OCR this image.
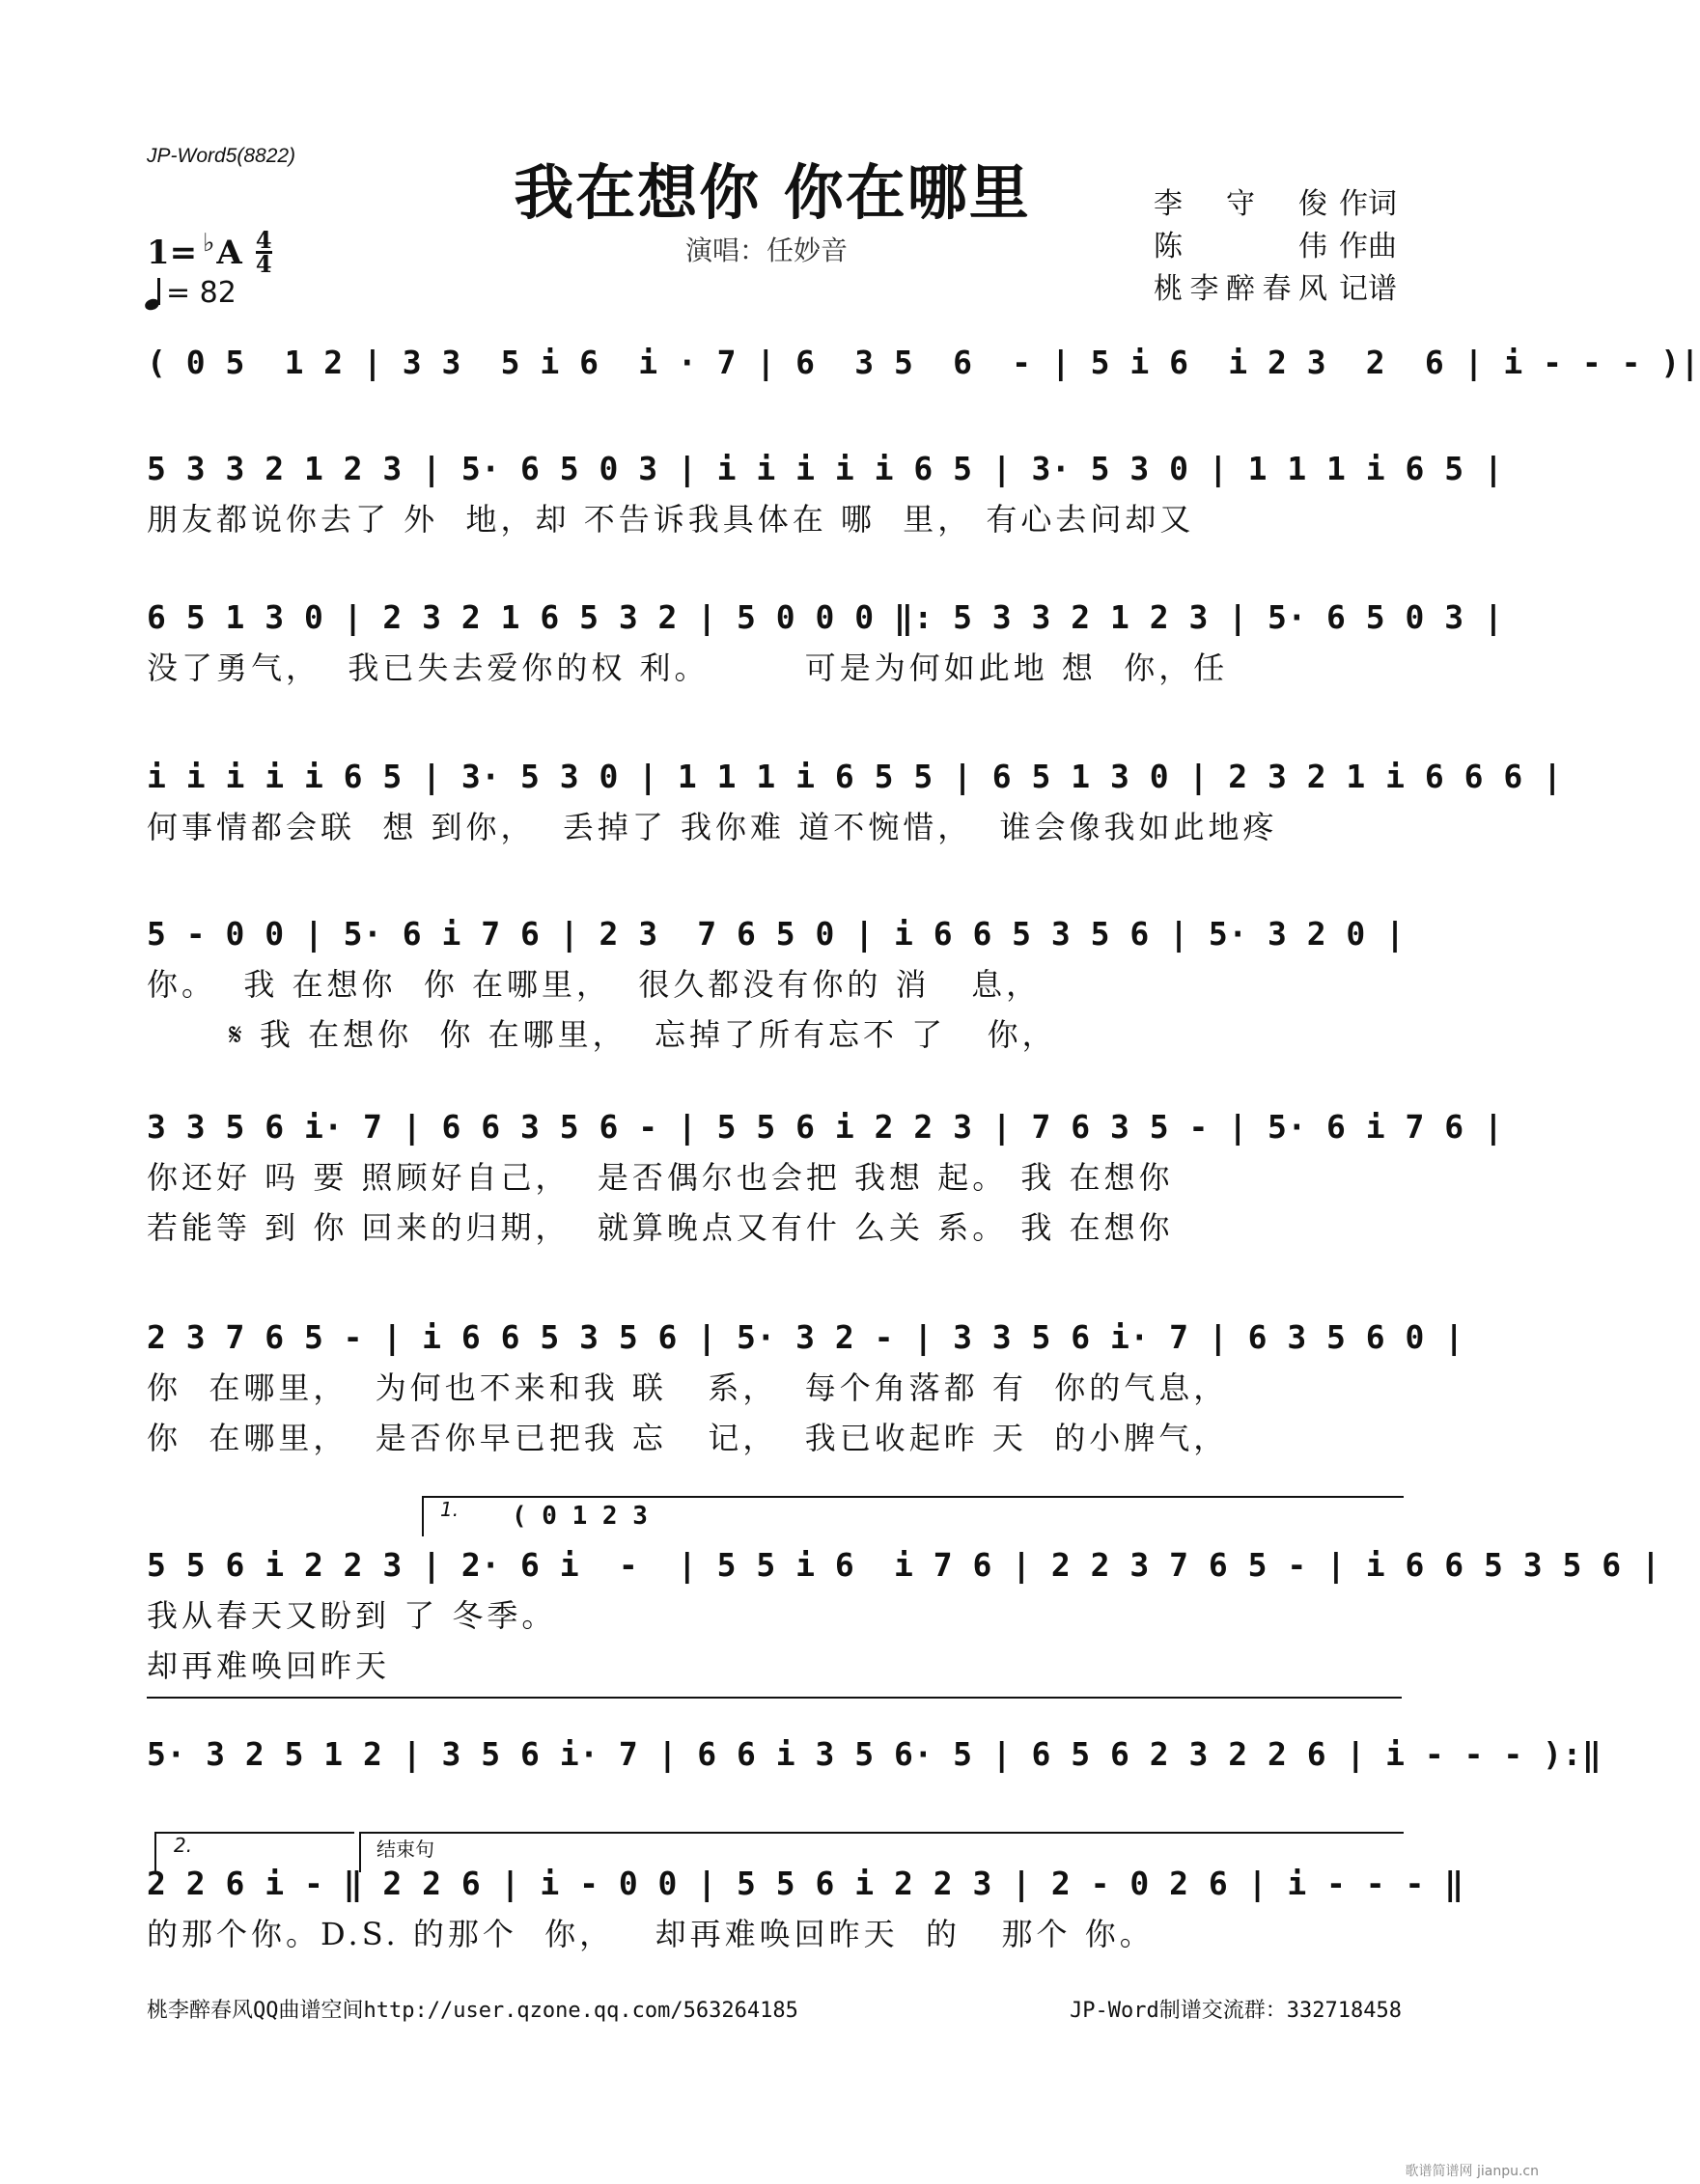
JP-Word5(8822)
我在想你 你在哪里
演唱：任妙音
李 守 俊 作词
陈 伟 作曲
桃李醉春风 记谱
1= ♭ A 4
4
= 82
( 0 5  1 2 | 3 3  5 i 6  i · 7 | 6  3 5  6  - | 5 i 6  i 2 3  2  6 | i - - - )|
5 3 3 2 1 2 3 | 5· 6 5 0 3 | i i i i i 6 5 | 3· 5 3 0 | 1 1 1 i 6 5 |
朋友都说你去了 外  地，却 不告诉我具体在 哪  里， 有心去问却又
6 5 1 3 0 | 2 3 2 1 6 5 3 2 | 5 0 0 0 ‖: 5 3 3 2 1 2 3 | 5· 6 5 0 3 |
没了勇气，  我已失去爱你的权 利。       可是为何如此地 想  你，任
i i i i i 6 5 | 3· 5 3 0 | 1 1 1 i 6 5 5 | 6 5 1 3 0 | 2 3 2 1 i 6 6 6 |
何事情都会联  想 到你，  丢掉了 我你难 道不惋惜，  谁会像我如此地疼
5 - 0 0 | 5· 6 i 7 6 | 2 3  7 6 5 0 | i 6 6 5 3 5 6 | 5· 3 2 0 |
你。  我 在想你  你 在哪里，  很久都没有你的 消   息，
𝄋 我 在想你  你 在哪里，  忘掉了所有忘不 了   你，
3 3 5 6 i· 7 | 6 6 3 5 6 - | 5 5 6 i 2 2 3 | 7 6 3 5 - | 5· 6 i 7 6 |
你还好 吗 要 照顾好自己，  是否偶尔也会把 我想 起。 我 在想你
若能等 到 你 回来的归期，  就算晚点又有什 么关 系。 我 在想你
2 3 7 6 5 - | i 6 6 5 3 5 6 | 5· 3 2 - | 3 3 5 6 i· 7 | 6 3 5 6 0 |
你  在哪里，  为何也不来和我 联   系，  每个角落都 有  你的气息，
你  在哪里，  是否你早已把我 忘   记，  我已收起昨 天  的小脾气，
1. ( 0 1 2 3
5 5 6 i 2 2 3 | 2· 6 i  -  | 5 5 i 6  i 7 6 | 2 2 3 7 6 5 - | i 6 6 5 3 5 6 |
我从春天又盼到 了 冬季。
却再难唤回昨天
5· 3 2 5 1 2 | 3 5 6 i· 7 | 6 6 i 3 5 6· 5 | 6 5 6 2 3 2 2 6 | i - - - ):‖
2.	结束句
2 2 6 i - ‖ 2 2 6 | i - 0 0 | 5 5 6 i 2 2 3 | 2 - 0 2 6 | i - - - ‖
的那个你。D.S. 的那个  你，   却再难唤回昨天  的   那个 你。
桃李醉春风QQ曲谱空间http://user.qzone.qq.com/563264185	JP-Word制谱交流群：332718458
歌谱简谱网 jianpu.cn
